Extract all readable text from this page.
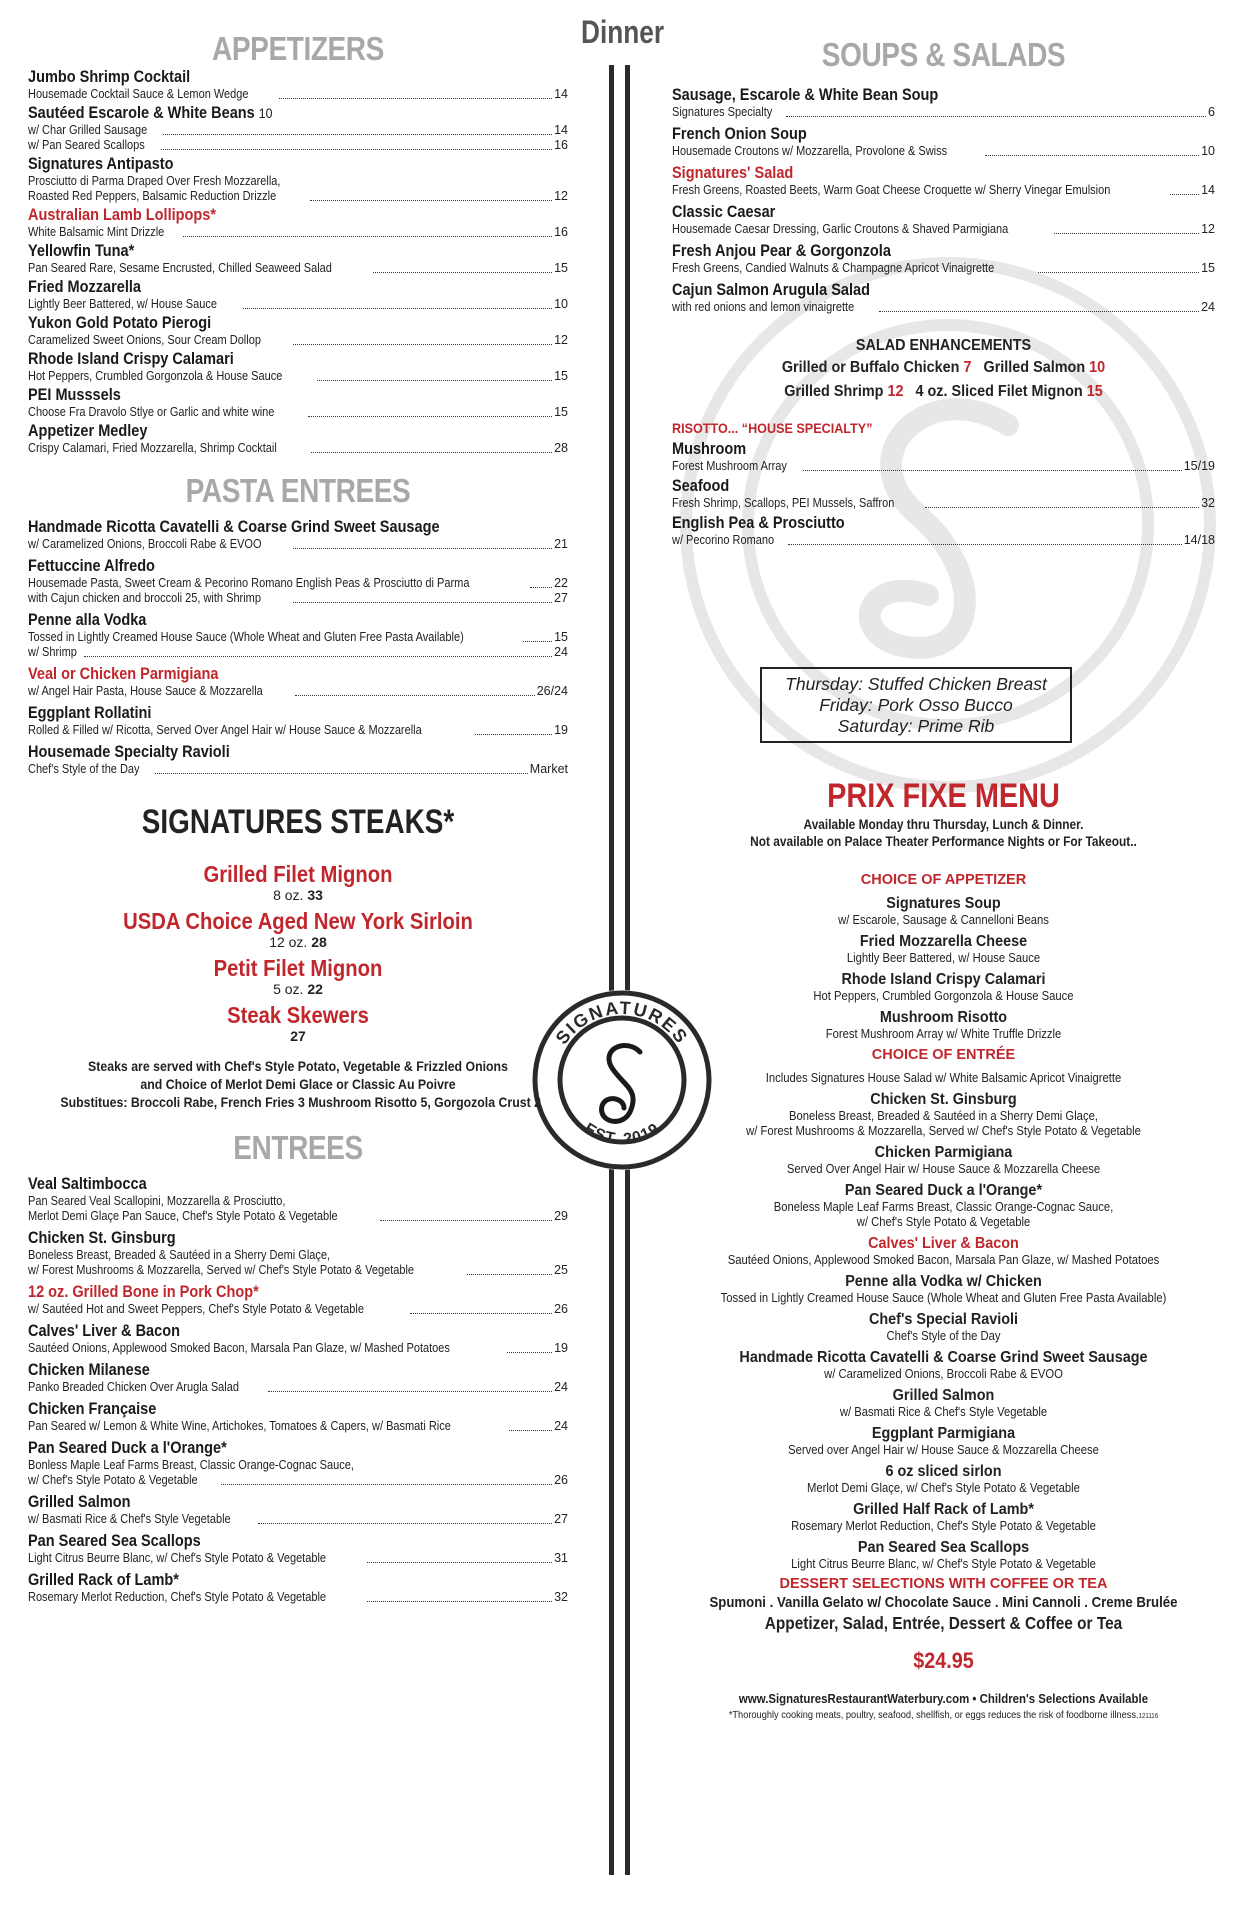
Dinner
SIGNATURES
EST. 2019
APPETIZERS
Jumbo Shrimp Cocktail
Housemade Cocktail Sauce & Lemon Wedge	14
Sautéed Escarole & White Beans 10
w/ Char Grilled Sausage	14
w/ Pan Seared Scallops	16
Signatures Antipasto
Prosciutto di Parma Draped Over Fresh Mozzarella,
Roasted Red Peppers, Balsamic Reduction Drizzle	12
Australian Lamb Lollipops*
White Balsamic Mint Drizzle	16
Yellowfin Tuna*
Pan Seared Rare, Sesame Encrusted, Chilled Seaweed Salad	15
Fried Mozzarella
Lightly Beer Battered, w/ House Sauce	10
Yukon Gold Potato Pierogi
Caramelized Sweet Onions, Sour Cream Dollop	12
Rhode Island Crispy Calamari
Hot Peppers, Crumbled Gorgonzola & House Sauce	15
PEI Musssels
Choose Fra Dravolo Stlye or Garlic and white wine	15
Appetizer Medley
Crispy Calamari, Fried Mozzarella, Shrimp Cocktail	28
PASTA ENTREES
Handmade Ricotta Cavatelli & Coarse Grind Sweet Sausage
w/ Caramelized Onions, Broccoli Rabe & EVOO	21
Fettuccine Alfredo
Housemade Pasta, Sweet Cream & Pecorino Romano English Peas & Prosciutto di Parma	22
with Cajun chicken and broccoli 25, with Shrimp	27
Penne alla Vodka
Tossed in Lightly Creamed House Sauce (Whole Wheat and Gluten Free Pasta Available)	15
w/ Shrimp	24
Veal or Chicken Parmigiana
w/ Angel Hair Pasta, House Sauce & Mozzarella	26/24
Eggplant Rollatini
Rolled & Filled w/ Ricotta, Served Over Angel Hair w/ House Sauce & Mozzarella	19
Housemade Specialty Ravioli
Chef's Style of the Day	Market
SIGNATURES STEAKS*
Grilled Filet Mignon
8 oz. 33
USDA Choice Aged New York Sirloin
12 oz. 28
Petit Filet Mignon
5 oz. 22
Steak Skewers
27
Steaks are served with Chef's Style Potato, Vegetable & Frizzled Onions
and Choice of Merlot Demi Glace or Classic Au Poivre
Substitues: Broccoli Rabe, French Fries 3 Mushroom Risotto 5, Gorgozola Crust 2
ENTREES
Veal Saltimbocca
Pan Seared Veal Scallopini, Mozzarella & Prosciutto,
Merlot Demi Glaçe Pan Sauce, Chef's Style Potato & Vegetable	29
Chicken St. Ginsburg
Boneless Breast, Breaded & Sautéed in a Sherry Demi Glaçe,
w/ Forest Mushrooms & Mozzarella, Served w/ Chef's Style Potato & Vegetable	25
12 oz. Grilled Bone in Pork Chop*
w/ Sautéed Hot and Sweet Peppers, Chef's Style Potato & Vegetable	26
Calves' Liver & Bacon
Sautéed Onions, Applewood Smoked Bacon, Marsala Pan Glaze, w/ Mashed Potatoes	19
Chicken Milanese
Panko Breaded Chicken Over Arugla Salad	24
Chicken Française
Pan Seared w/ Lemon & White Wine, Artichokes, Tomatoes & Capers, w/ Basmati Rice	24
Pan Seared Duck a l'Orange*
Bonless Maple Leaf Farms Breast, Classic Orange-Cognac Sauce,
w/ Chef's Style Potato & Vegetable	26
Grilled Salmon
w/ Basmati Rice & Chef's Style Vegetable	27
Pan Seared Sea Scallops
Light Citrus Beurre Blanc, w/ Chef's Style Potato & Vegetable	31
Grilled Rack of Lamb*
Rosemary Merlot Reduction, Chef's Style Potato & Vegetable	32
SOUPS & SALADS
Sausage, Escarole & White Bean Soup
Signatures Specialty	6
French Onion Soup
Housemade Croutons w/ Mozzarella, Provolone & Swiss	10
Signatures' Salad
Fresh Greens, Roasted Beets, Warm Goat Cheese Croquette w/ Sherry Vinegar Emulsion	14
Classic Caesar
Housemade Caesar Dressing, Garlic Croutons & Shaved Parmigiana	12
Fresh Anjou Pear & Gorgonzola
Fresh Greens, Candied Walnuts & Champagne Apricot Vinaigrette	15
Cajun Salmon Arugula Salad
with red onions and lemon vinaigrette	24
SALAD ENHANCEMENTS
Grilled or Buffalo Chicken 7 Grilled Salmon 10
Grilled Shrimp 12 4 oz. Sliced Filet Mignon 15
RISOTTO... “HOUSE SPECIALTY”
Mushroom
Forest Mushroom Array	15/19
Seafood
Fresh Shrimp, Scallops, PEI Mussels, Saffron	32
English Pea & Prosciutto
w/ Pecorino Romano	14/18
Thursday: Stuffed Chicken Breast
Friday: Pork Osso Bucco
Saturday: Prime Rib
PRIX FIXE MENU
Available Monday thru Thursday, Lunch & Dinner.
Not available on Palace Theater Performance Nights or For Takeout..
CHOICE OF APPETIZER
Signatures Soup
w/ Escarole, Sausage & Cannelloni Beans
Fried Mozzarella Cheese
Lightly Beer Battered, w/ House Sauce
Rhode Island Crispy Calamari
Hot Peppers, Crumbled Gorgonzola & House Sauce
Mushroom Risotto
Forest Mushroom Array w/ White Truffle Drizzle
CHOICE OF ENTRÉE
Includes Signatures House Salad w/ White Balsamic Apricot Vinaigrette
Chicken St. Ginsburg
Boneless Breast, Breaded & Sautéed in a Sherry Demi Glaçe,
w/ Forest Mushrooms & Mozzarella, Served w/ Chef's Style Potato & Vegetable
Chicken Parmigiana
Served Over Angel Hair w/ House Sauce & Mozzarella Cheese
Pan Seared Duck a l'Orange*
Boneless Maple Leaf Farms Breast, Classic Orange-Cognac Sauce,
w/ Chef's Style Potato & Vegetable
Calves' Liver & Bacon
Sautéed Onions, Applewood Smoked Bacon, Marsala Pan Glaze, w/ Mashed Potatoes
Penne alla Vodka w/ Chicken
Tossed in Lightly Creamed House Sauce (Whole Wheat and Gluten Free Pasta Available)
Chef's Special Ravioli
Chef's Style of the Day
Handmade Ricotta Cavatelli & Coarse Grind Sweet Sausage
w/ Caramelized Onions, Broccoli Rabe & EVOO
Grilled Salmon
w/ Basmati Rice & Chef's Style Vegetable
Eggplant Parmigiana
Served over Angel Hair w/ House Sauce & Mozzarella Cheese
6 oz sliced sirlon
Merlot Demi Glaçe, w/ Chef's Style Potato & Vegetable
Grilled Half Rack of Lamb*
Rosemary Merlot Reduction, Chef's Style Potato & Vegetable
Pan Seared Sea Scallops
Light Citrus Beurre Blanc, w/ Chef's Style Potato & Vegetable
DESSERT SELECTIONS WITH COFFEE OR TEA
Spumoni . Vanilla Gelato w/ Chocolate Sauce . Mini Cannoli . Creme Brulée
Appetizer, Salad, Entrée, Dessert & Coffee or Tea
$24.95
www.SignaturesRestaurantWaterbury.com • Children's Selections Available
*Thoroughly cooking meats, poultry, seafood, shellfish, or eggs reduces the risk of foodborne illness.121116
